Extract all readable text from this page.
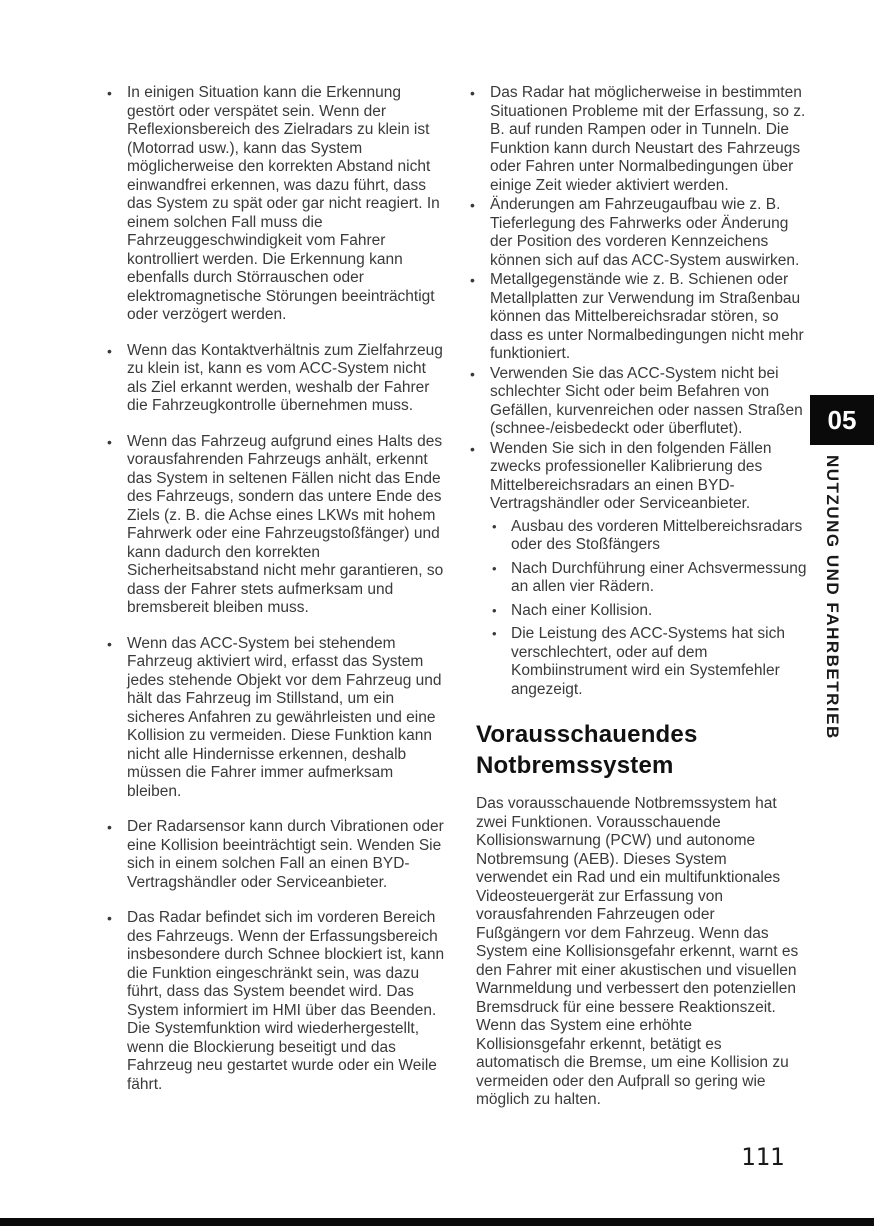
• In einigen Situation kann die Erkennung gestört oder verspätet sein. Wenn der Reflexionsbereich des Zielradars zu klein ist (Motorrad usw.), kann das System möglicherweise den korrekten Abstand nicht einwandfrei erkennen, was dazu führt, dass das System zu spät oder gar nicht reagiert. In einem solchen Fall muss die Fahrzeuggeschwindigkeit vom Fahrer kontrolliert werden. Die Erkennung kann ebenfalls durch Störrauschen oder elektromagnetische Störungen beeinträchtigt oder verzögert werden.
• Wenn das Kontaktverhältnis zum Zielfahrzeug zu klein ist, kann es vom ACC-System nicht als Ziel erkannt werden, weshalb der Fahrer die Fahrzeugkontrolle übernehmen muss.
• Wenn das Fahrzeug aufgrund eines Halts des vorausfahrenden Fahrzeugs anhält, erkennt das System in seltenen Fällen nicht das Ende des Fahrzeugs, sondern das untere Ende des Ziels (z. B. die Achse eines LKWs mit hohem Fahrwerk oder eine Fahrzeugstoßfänger) und kann dadurch den korrekten Sicherheitsabstand nicht mehr garantieren, so dass der Fahrer stets aufmerksam und bremsbereit bleiben muss.
• Wenn das ACC-System bei stehendem Fahrzeug aktiviert wird, erfasst das System jedes stehende Objekt vor dem Fahrzeug und hält das Fahrzeug im Stillstand, um ein sicheres Anfahren zu gewährleisten und eine Kollision zu vermeiden. Diese Funktion kann nicht alle Hindernisse erkennen, deshalb müssen die Fahrer immer aufmerksam bleiben.
• Der Radarsensor kann durch Vibrationen oder eine Kollision beeinträchtigt sein. Wenden Sie sich in einem solchen Fall an einen BYD-Vertragshändler oder Serviceanbieter.
• Das Radar befindet sich im vorderen Bereich des Fahrzeugs. Wenn der Erfassungsbereich insbesondere durch Schnee blockiert ist, kann die Funktion eingeschränkt sein, was dazu führt, dass das System beendet wird. Das System informiert im HMI über das Beenden. Die Systemfunktion wird wiederhergestellt, wenn die Blockierung beseitigt und das Fahrzeug neu gestartet wurde oder ein Weile fährt.
• Das Radar hat möglicherweise in bestimmten Situationen Probleme mit der Erfassung, so z. B. auf runden Rampen oder in Tunneln. Die Funktion kann durch Neustart des Fahrzeugs oder Fahren unter Normalbedingungen über einige Zeit wieder aktiviert werden.
• Änderungen am Fahrzeugaufbau wie z. B. Tieferlegung des Fahrwerks oder Änderung der Position des vorderen Kennzeichens können sich auf das ACC-System auswirken.
• Metallgegenstände wie z. B. Schienen oder Metallplatten zur Verwendung im Straßenbau können das Mittelbereichsradar stören, so dass es unter Normalbedingungen nicht mehr funktioniert.
• Verwenden Sie das ACC-System nicht bei schlechter Sicht oder beim Befahren von Gefällen, kurvenreichen oder nassen Straßen (schnee-/eisbedeckt oder überflutet).
• Wenden Sie sich in den folgenden Fällen zwecks professioneller Kalibrierung des Mittelbereichsradars an einen BYD-Vertragshändler oder Serviceanbieter.
• Ausbau des vorderen Mittelbereichsradars oder des Stoßfängers
• Nach Durchführung einer Achsvermessung an allen vier Rädern.
• Nach einer Kollision.
• Die Leistung des ACC-Systems hat sich verschlechtert, oder auf dem Kombiinstrument wird ein Systemfehler angezeigt.
Vorausschauendes Notbremssystem

Das vorausschauende Notbremssystem hat zwei Funktionen. Vorausschauende Kollisionswarnung (PCW) und autonome Notbremsung (AEB). Dieses System verwendet ein Rad und ein multifunktionales Videosteuergerät zur Erfassung von vorausfahrenden Fahrzeugen oder Fußgängern vor dem Fahrzeug. Wenn das System eine Kollisionsgefahr erkennt, warnt es den Fahrer mit einer akustischen und visuellen Warnmeldung und verbessert den potenziellen Bremsdruck für eine bessere Reaktionszeit. Wenn das System eine erhöhte Kollisionsgefahr erkennt, betätigt es automatisch die Bremse, um eine Kollision zu vermeiden oder den Aufprall so gering wie möglich zu halten.

05
NUTZUNG UND FAHRBETRIEB
111
